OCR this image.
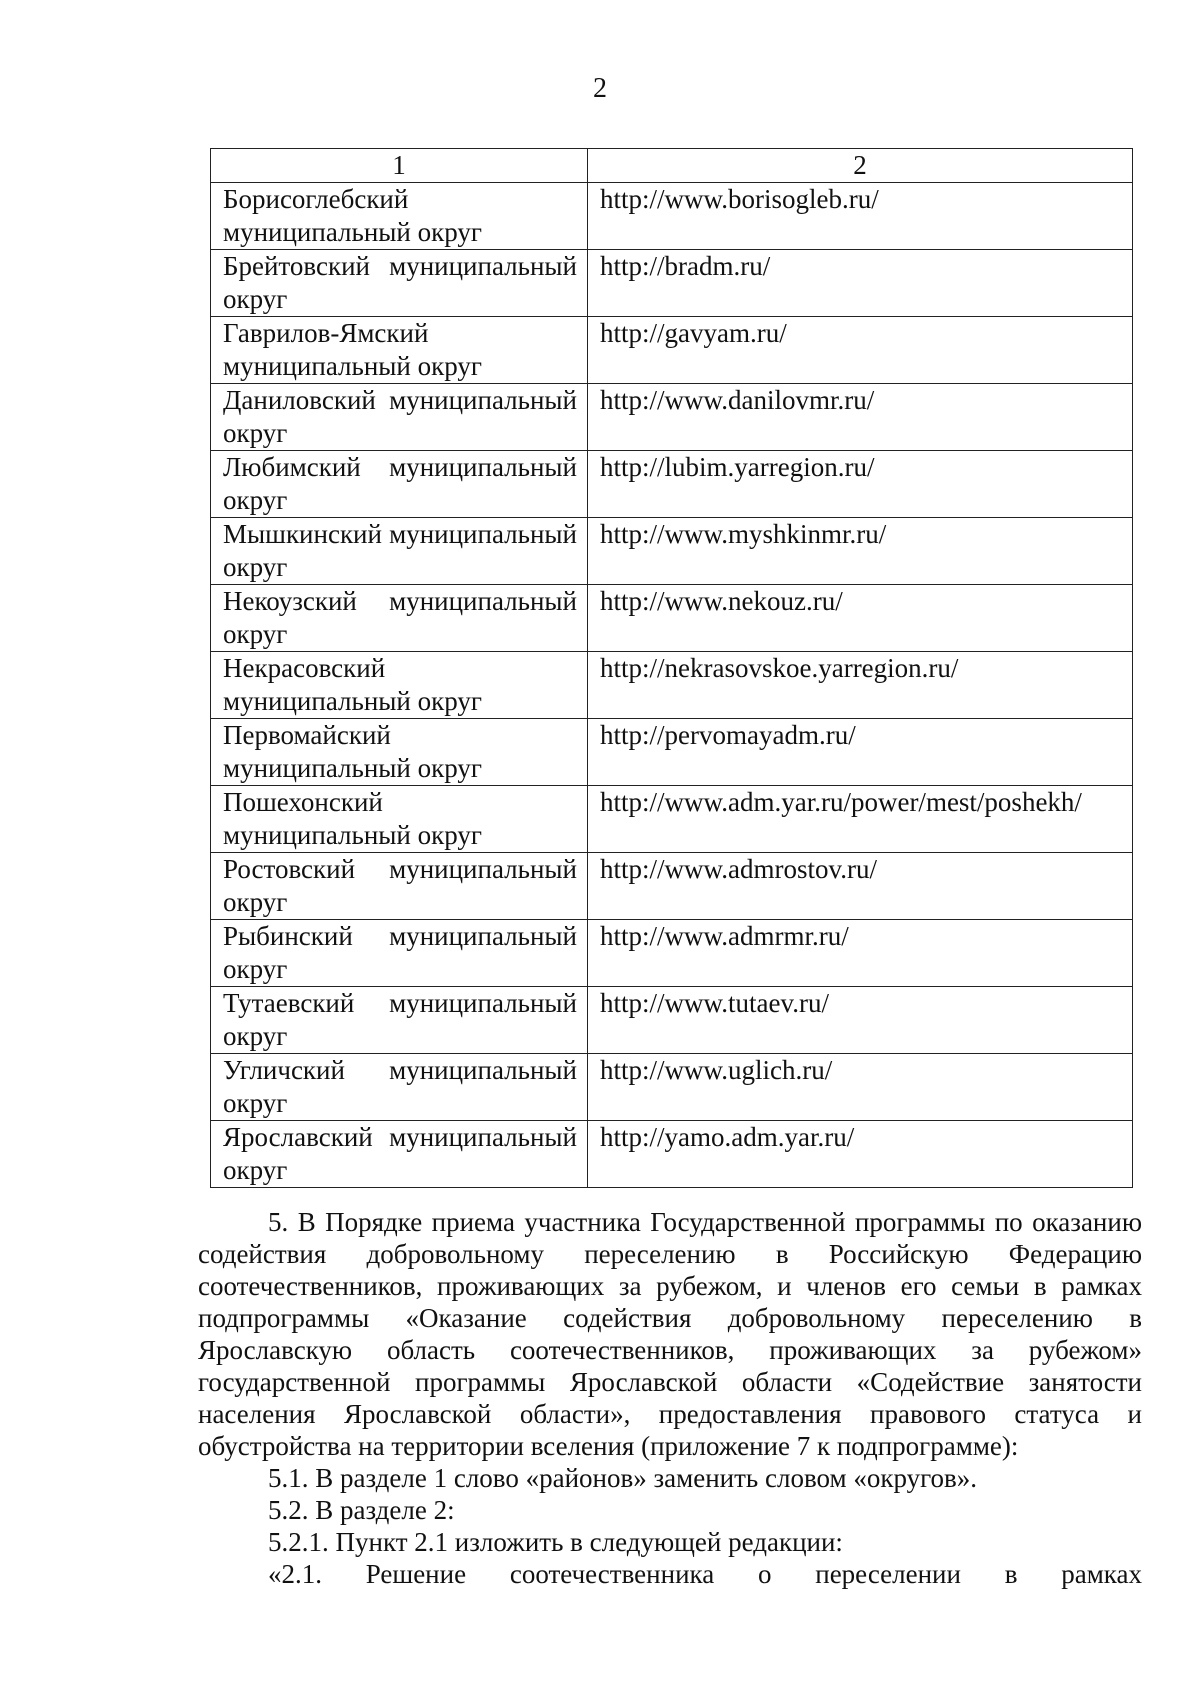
2
1	2
Борисоглебский муниципальный округ	http://www.borisogleb.ru/
Брейтовский муниципальный округ	http://bradm.ru/
Гаврилов-Ямский муниципальный округ	http://gavyam.ru/
Даниловский муниципальный округ	http://www.danilovmr.ru/
Любимский муниципальный округ	http://lubim.yarregion.ru/
Мышкинский муниципальный округ	http://www.myshkinmr.ru/
Некоузский муниципальный округ	http://www.nekouz.ru/
Некрасовский муниципальный округ	http://nekrasovskoe.yarregion.ru/
Первомайский муниципальный округ	http://pervomayadm.ru/
Пошехонский муниципальный округ	http://www.adm.yar.ru/power/mest/poshekh/
Ростовский муниципальный округ	http://www.admrostov.ru/
Рыбинский муниципальный округ	http://www.admrmr.ru/
Тутаевский муниципальный округ	http://www.tutaev.ru/
Угличский муниципальный округ	http://www.uglich.ru/
Ярославский муниципальный округ	http://yamo.adm.yar.ru/

5. В Порядке приема участника Государственной программы по оказанию содействия добровольному переселению в Российскую Федерацию соотечественников, проживающих за рубежом, и членов его семьи в рамках подпрограммы «Оказание содействия добровольному переселению в Ярославскую область соотечественников, проживающих за рубежом» государственной программы Ярославской области «Содействие занятости населения Ярославской области», предоставления правового статуса и обустройства на территории вселения (приложение 7 к подпрограмме):

5.1. В разделе 1 слово «районов» заменить словом «округов».

5.2. В разделе 2:

5.2.1. Пункт 2.1 изложить в следующей редакции:

«2.1. Решение соотечественника о переселении в рамках
